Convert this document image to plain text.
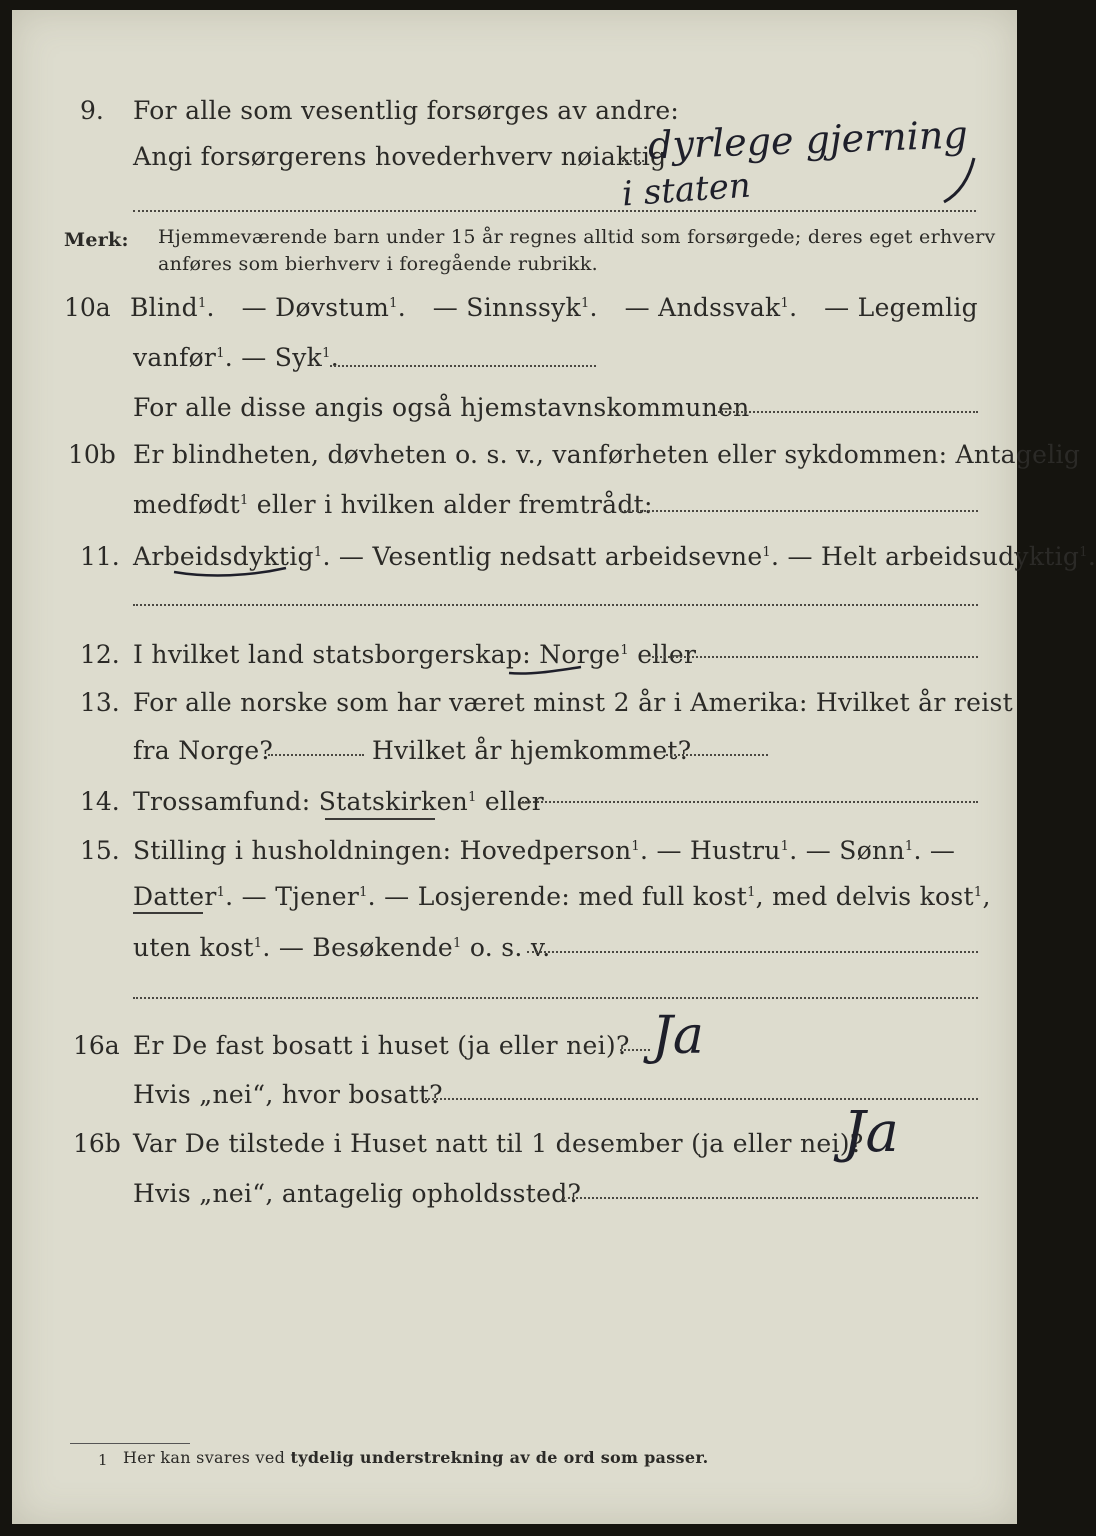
9. For alle som vesentlig forsørges av andre:
Angi forsørgerens hovederhverv nøiaktig
dyrlege gjerning
i staten
Merk: Hjemmeværende barn under 15 år regnes alltid som forsørgede; deres eget erhverv
anføres som bierhverv i foregående rubrikk.
10a Blind$^1$. — Døvstum$^1$. — Sinnssyk$^1$. — Andssvak$^1$. — Legemlig
vanfør$^1$. — Syk$^1$.
For alle disse angis også hjemstavnskommunen
10b Er blindheten, døvheten o. s. v., vanførheten eller sykdommen: Antagelig
medfødt$^1$ eller i hvilken alder fremtrådt:
11. Arbeidsdyktig$^1$. — Vesentlig nedsatt arbeidsevne$^1$. — Helt arbeidsudyktig$^1$.
12. I hvilket land statsborgerskap: Norge$^1$ eller
13. For alle norske som har været minst 2 år i Amerika: Hvilket år reist
fra Norge?	Hvilket år hjemkommet?
14. Trossamfund: Statskirken$^1$ eller
15. Stilling i husholdningen: Hovedperson$^1$. — Hustru$^1$. — Sønn$^1$. —
Datter$^1$. — Tjener$^1$. — Losjerende: med full kost$^1$, med delvis kost$^1$,
uten kost$^1$. — Besøkende$^1$ o. s. v.
16a Er De fast bosatt i huset (ja eller nei)? Ja
Hvis „nei“, hvor bosatt?
16b Var De tilstede i Huset natt til 1 desember (ja eller nei)?
Ja
Hvis „nei“, antagelig opholdssted?
1 Her kan svares ved tydelig understrekning av de ord som passer.
